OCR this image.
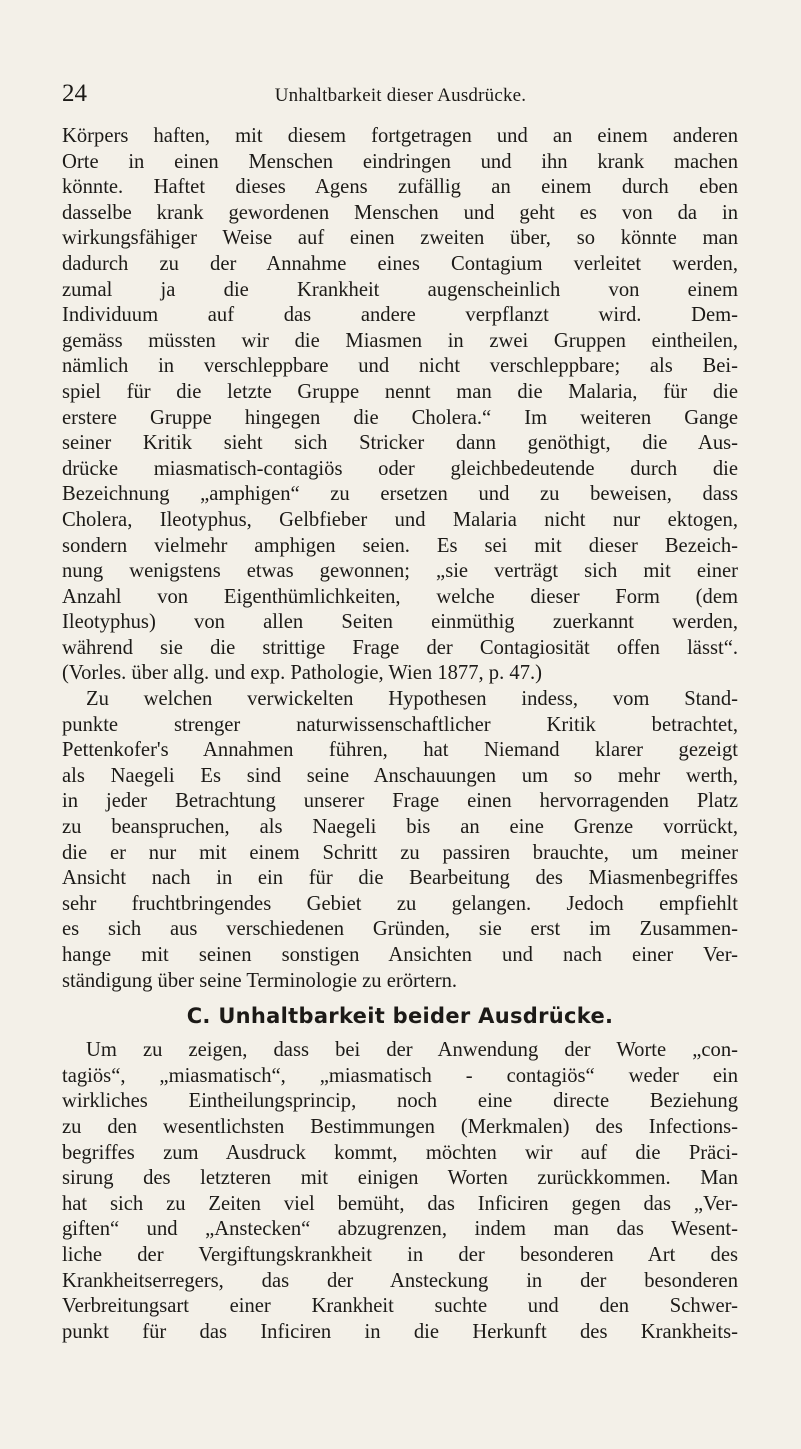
24	Unhaltbarkeit dieser Ausdrücke.
Körpers haften, mit diesem fortgetragen und an einem anderen
Orte in einen Menschen eindringen und ihn krank machen
könnte. Haftet dieses Agens zufällig an einem durch eben
dasselbe krank gewordenen Menschen und geht es von da in
wirkungsfähiger Weise auf einen zweiten über, so könnte man
dadurch zu der Annahme eines Contagium verleitet werden,
zumal ja die Krankheit augenscheinlich von einem
Individuum auf das andere verpflanzt wird. Dem-
gemäss müssten wir die Miasmen in zwei Gruppen eintheilen,
nämlich in verschleppbare und nicht verschleppbare; als Bei-
spiel für die letzte Gruppe nennt man die Malaria, für die
erstere Gruppe hingegen die Cholera.“ Im weiteren Gange
seiner Kritik sieht sich Stricker dann genöthigt, die Aus-
drücke miasmatisch-contagiös oder gleichbedeutende durch die
Bezeichnung „amphigen“ zu ersetzen und zu beweisen, dass
Cholera, Ileotyphus, Gelbfieber und Malaria nicht nur ektogen,
sondern vielmehr amphigen seien. Es sei mit dieser Bezeich-
nung wenigstens etwas gewonnen; „sie verträgt sich mit einer
Anzahl von Eigenthümlichkeiten, welche dieser Form (dem
Ileotyphus) von allen Seiten einmüthig zuerkannt werden,
während sie die strittige Frage der Contagiosität offen lässt“.
(Vorles. über allg. und exp. Pathologie, Wien 1877, p. 47.)
Zu welchen verwickelten Hypothesen indess, vom Stand-
punkte strenger naturwissenschaftlicher Kritik betrachtet,
Pettenkofer's Annahmen führen, hat Niemand klarer gezeigt
als Naegeli Es sind seine Anschauungen um so mehr werth,
in jeder Betrachtung unserer Frage einen hervorragenden Platz
zu beanspruchen, als Naegeli bis an eine Grenze vorrückt,
die er nur mit einem Schritt zu passiren brauchte, um meiner
Ansicht nach in ein für die Bearbeitung des Miasmenbegriffes
sehr fruchtbringendes Gebiet zu gelangen. Jedoch empfiehlt
es sich aus verschiedenen Gründen, sie erst im Zusammen-
hange mit seinen sonstigen Ansichten und nach einer Ver-
ständigung über seine Terminologie zu erörtern.
C. Unhaltbarkeit beider Ausdrücke.
Um zu zeigen, dass bei der Anwendung der Worte „con-
tagiös“, „miasmatisch“, „miasmatisch - contagiös“ weder ein
wirkliches Eintheilungsprincip, noch eine directe Beziehung
zu den wesentlichsten Bestimmungen (Merkmalen) des Infections-
begriffes zum Ausdruck kommt, möchten wir auf die Präci-
sirung des letzteren mit einigen Worten zurückkommen. Man
hat sich zu Zeiten viel bemüht, das Inficiren gegen das „Ver-
giften“ und „Anstecken“ abzugrenzen, indem man das Wesent-
liche der Vergiftungskrankheit in der besonderen Art des
Krankheitserregers, das der Ansteckung in der besonderen
Verbreitungsart einer Krankheit suchte und den Schwer-
punkt für das Inficiren in die Herkunft des Krankheits-
